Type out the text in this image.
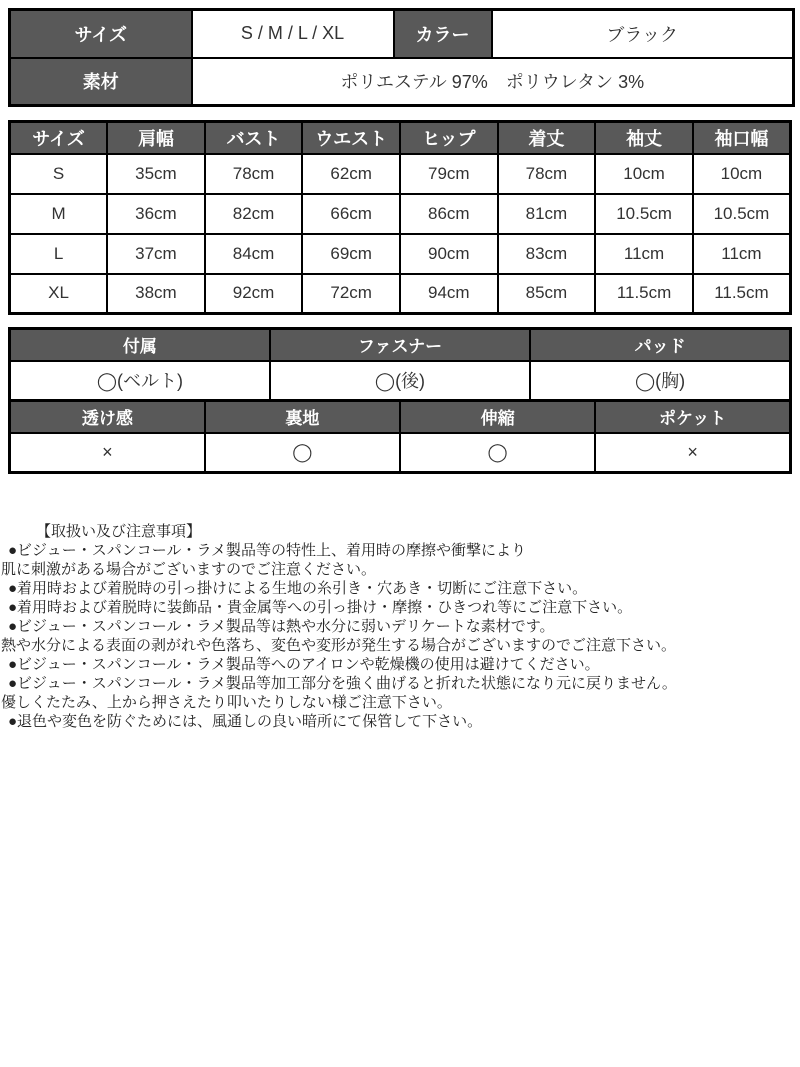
サイズ	S / M / L / XL	カラー	ブラック
素材	ポリエステル 97%　ポリウレタン 3%		
サイズ	肩幅	バスト	ウエスト	ヒップ	着丈	袖丈	袖口幅
S	35cm	78cm	62cm	79cm	78cm	10cm	10cm
M	36cm	82cm	66cm	86cm	81cm	10.5cm	10.5cm
L	37cm	84cm	69cm	90cm	83cm	11cm	11cm
XL	38cm	92cm	72cm	94cm	85cm	11.5cm	11.5cm
付属	ファスナー	パッド
◯(ベルト)	◯(後)	◯(胸)
透け感	裏地	伸縮	ポケット
×	◯	◯	×
【取扱い及び注意事項】
●ビジュー・スパンコール・ラメ製品等の特性上、着用時の摩擦や衝撃により
肌に刺激がある場合がございますのでご注意ください。
●着用時および着脱時の引っ掛けによる生地の糸引き・穴あき・切断にご注意下さい。
●着用時および着脱時に装飾品・貴金属等への引っ掛け・摩擦・ひきつれ等にご注意下さい。
●ビジュー・スパンコール・ラメ製品等は熱や水分に弱いデリケートな素材です。
熱や水分による表面の剥がれや色落ち、変色や変形が発生する場合がございますのでご注意下さい。
●ビジュー・スパンコール・ラメ製品等へのアイロンや乾燥機の使用は避けてください。
●ビジュー・スパンコール・ラメ製品等加工部分を強く曲げると折れた状態になり元に戻りません。
優しくたたみ、上から押さえたり叩いたりしない様ご注意下さい。
●退色や変色を防ぐためには、風通しの良い暗所にて保管して下さい。
